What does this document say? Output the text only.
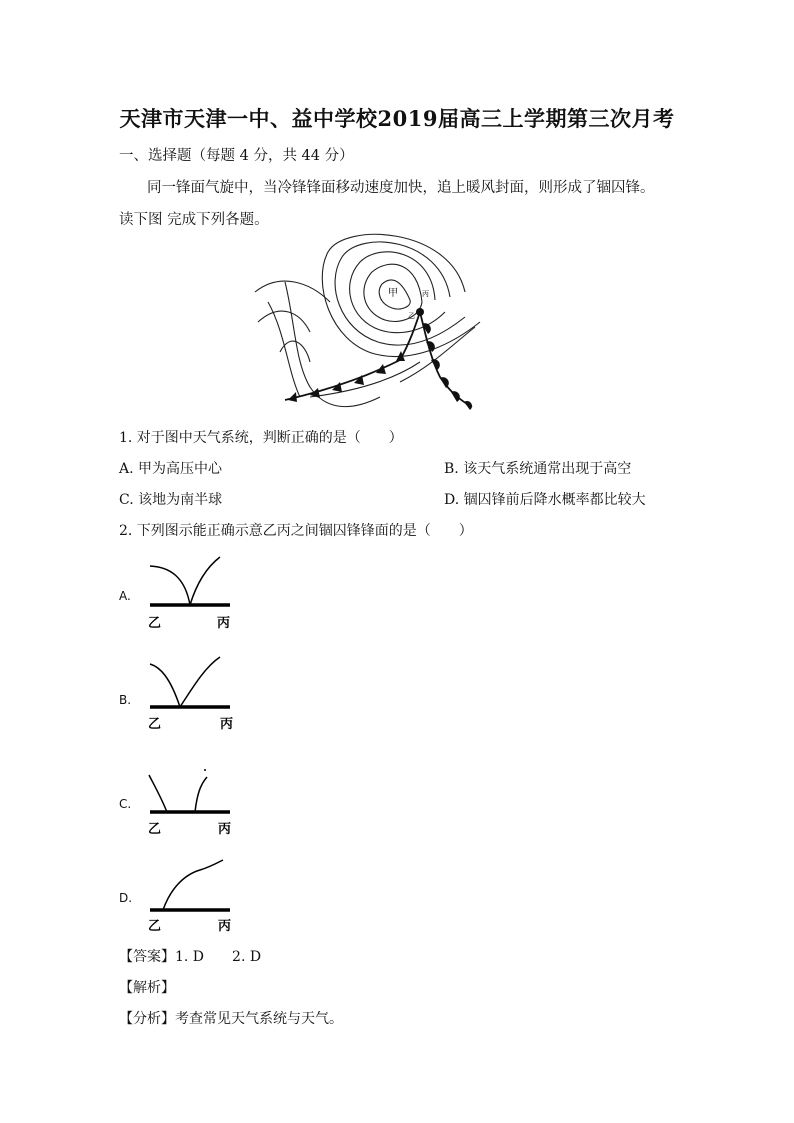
天津市天津一中、益中学校2019届高三上学期第三次月考
一、选择题（每题 4 分，共 44 分）
同一锋面气旋中，当冷锋锋面移动速度加快，追上暖风封面，则形成了锢囚锋。
读下图 完成下列各题。
甲
乙
丙
1. 对于图中天气系统，判断正确的是（　　）
A. 甲为高压中心	B. 该天气系统通常出现于高空
C. 该地为南半球	D. 锢囚锋前后降水概率都比较大
2. 下列图示能正确示意乙丙之间锢囚锋锋面的是（　　）
A.
乙	丙
B.
乙	丙
C.
乙	丙
D.
乙	丙
【答案】1. D　　2. D
【解析】
【分析】考查常见天气系统与天气。
